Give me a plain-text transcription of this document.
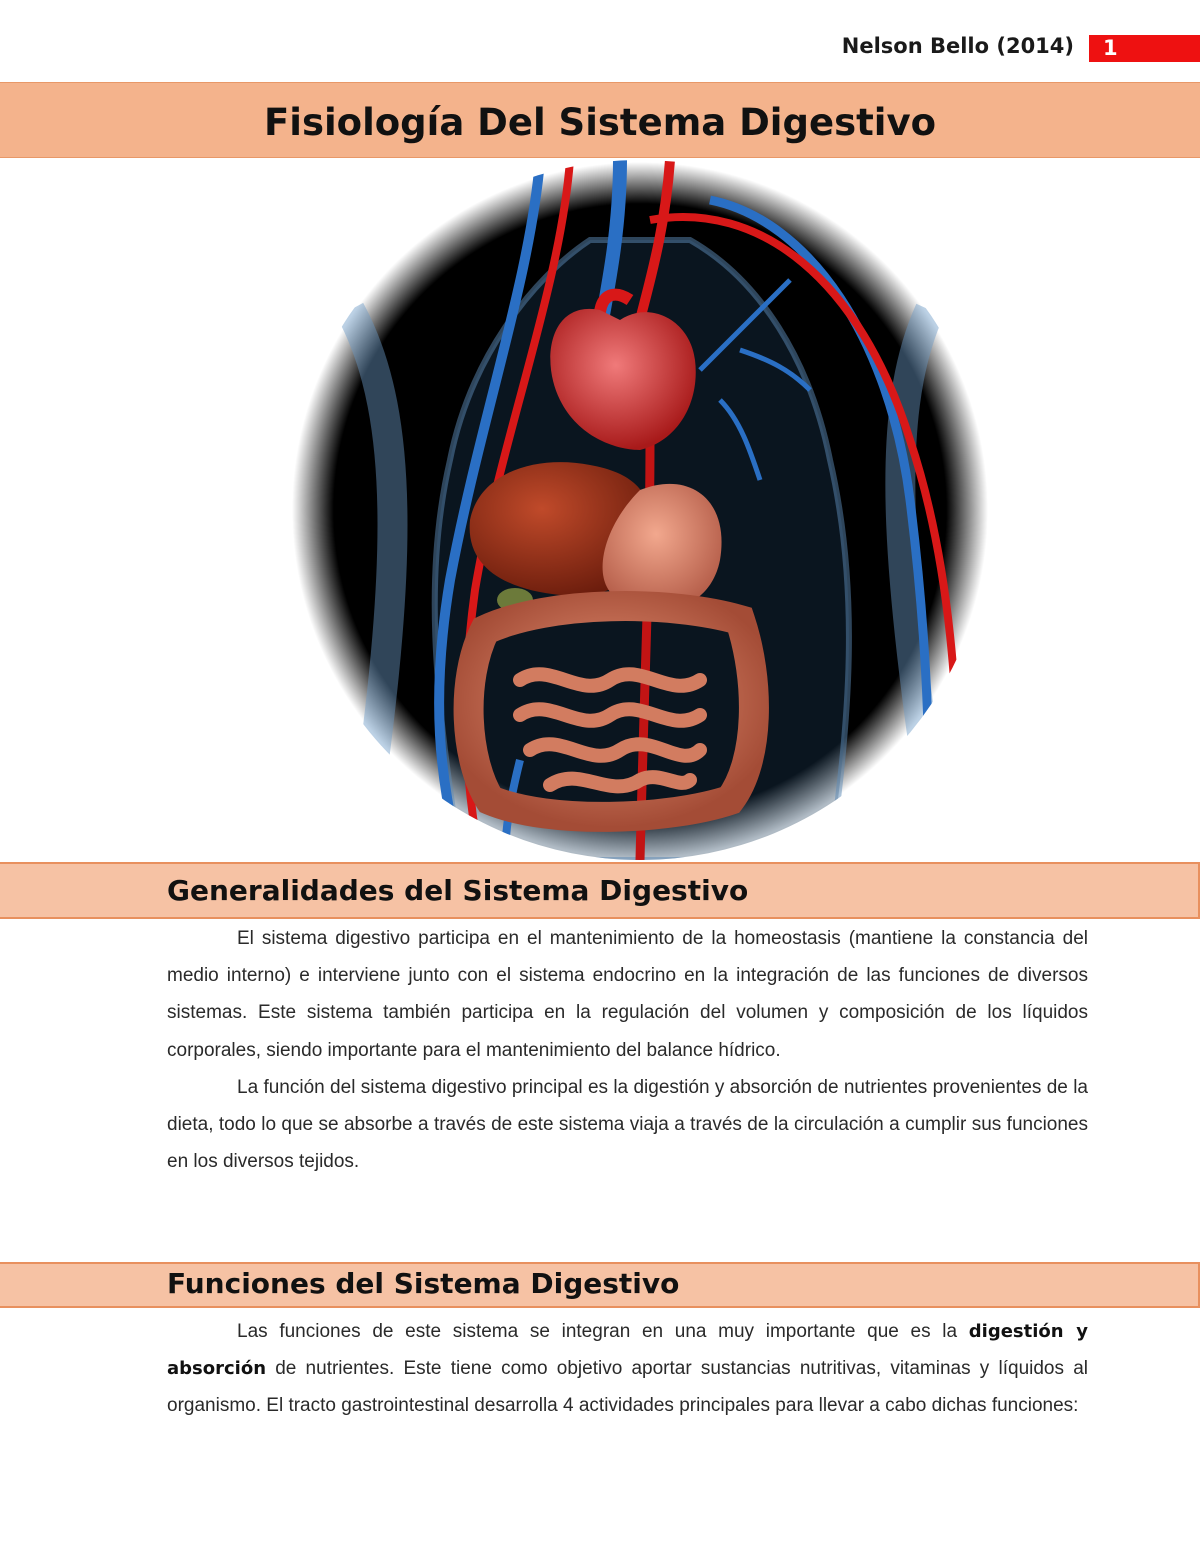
Nelson Bello (2014)	1
Fisiología Del Sistema Digestivo
Generalidades del Sistema Digestivo

El sistema digestivo participa en el mantenimiento de la homeostasis (mantiene la constancia del medio interno) e interviene junto con el sistema endocrino en la integración de las funciones de diversos sistemas. Este sistema también participa en la regulación del volumen y composición de los líquidos corporales, siendo importante para el mantenimiento del balance hídrico.

La función del sistema digestivo principal es la digestión y absorción de nutrientes provenientes de la dieta, todo lo que se absorbe a través de este sistema viaja a través de la circulación a cumplir sus funciones en los diversos tejidos.

Funciones del Sistema Digestivo

Las funciones de este sistema se integran en una muy importante que es la digestión y absorción de nutrientes. Este tiene como objetivo aportar sustancias nutritivas, vitaminas y líquidos al organismo. El tracto gastrointestinal desarrolla 4 actividades principales para llevar a cabo dichas funciones:
